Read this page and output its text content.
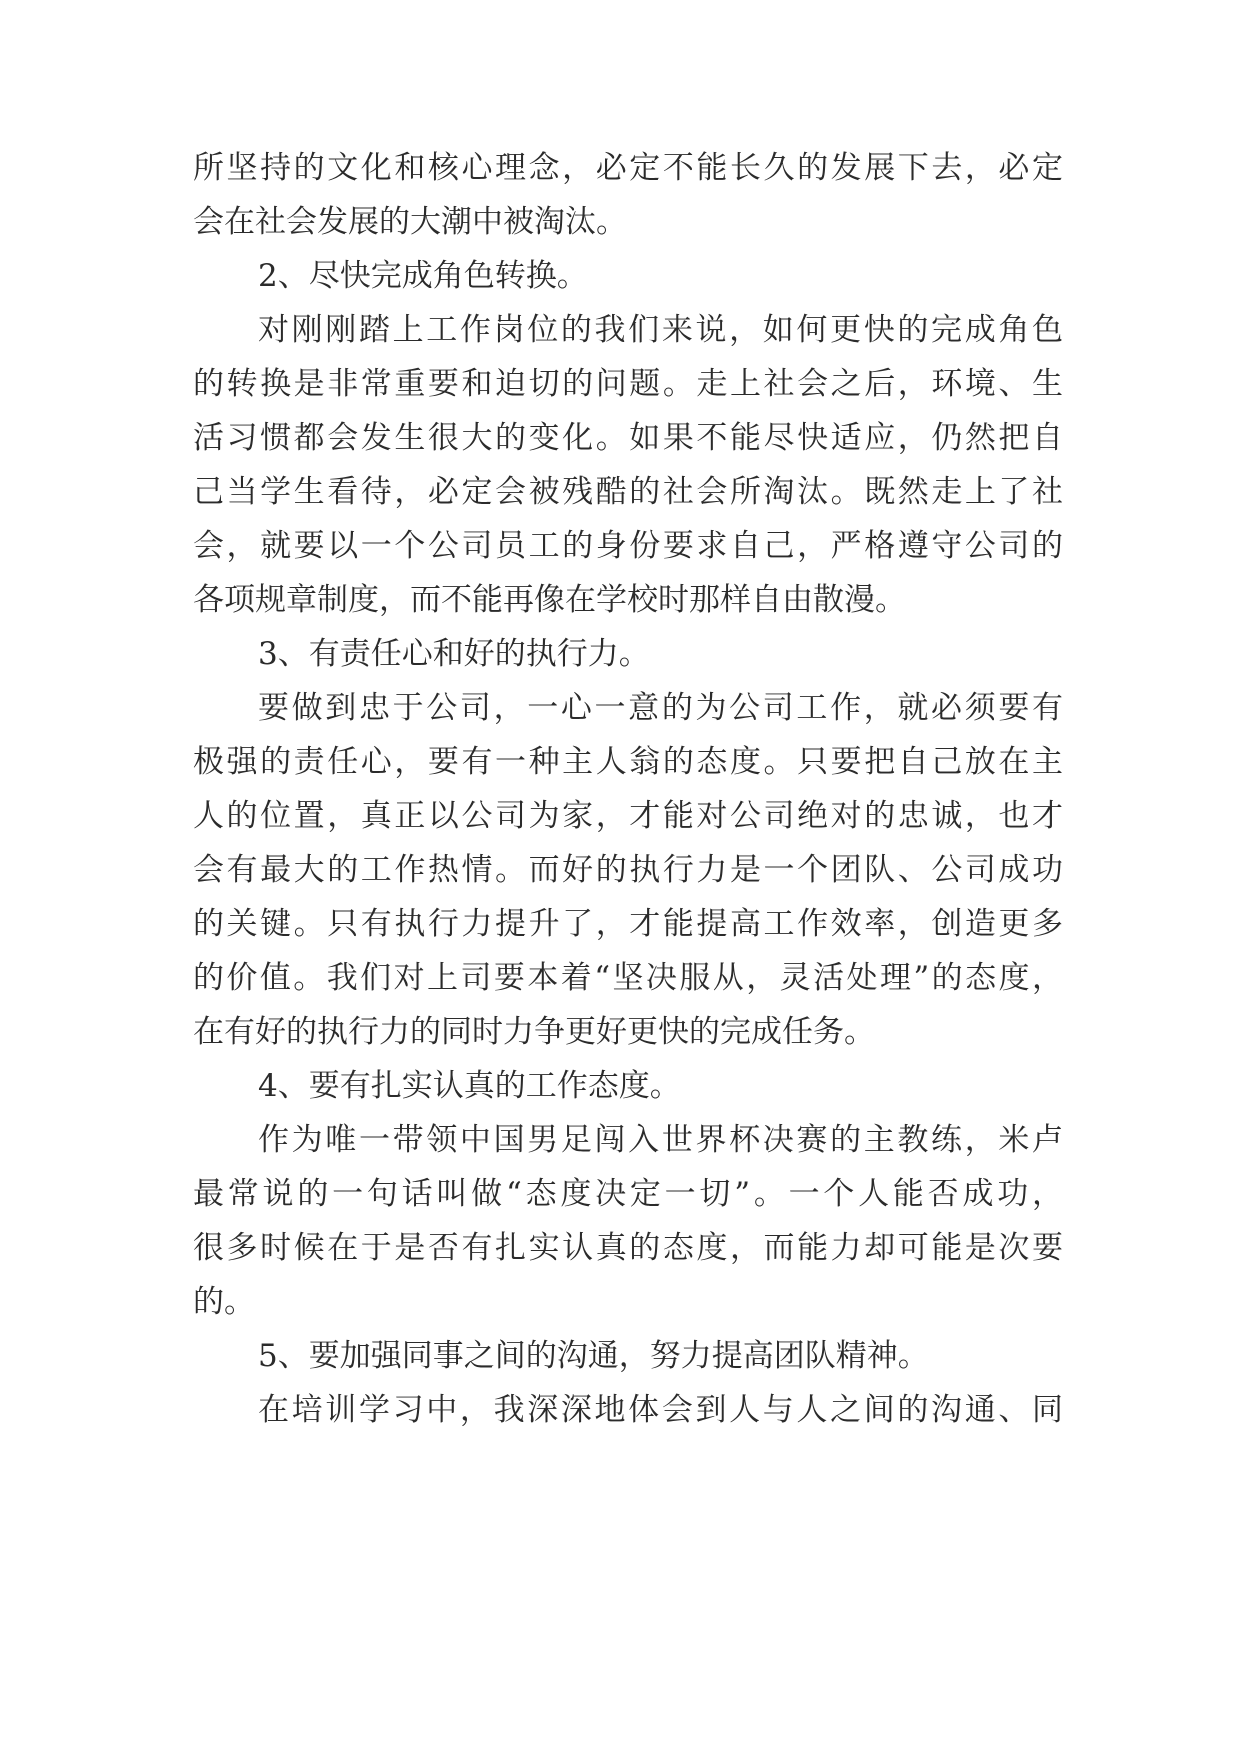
所坚持的文化和核心理念，必定不能长久的发展下去，必定
会在社会发展的大潮中被淘汰。
2、尽快完成角色转换。
对刚刚踏上工作岗位的我们来说，如何更快的完成角色
的转换是非常重要和迫切的问题。走上社会之后，环境、生
活习惯都会发生很大的变化。如果不能尽快适应，仍然把自
己当学生看待，必定会被残酷的社会所淘汰。既然走上了社
会，就要以一个公司员工的身份要求自己，严格遵守公司的
各项规章制度，而不能再像在学校时那样自由散漫。
3、有责任心和好的执行力。
要做到忠于公司，一心一意的为公司工作，就必须要有
极强的责任心，要有一种主人翁的态度。只要把自己放在主
人的位置，真正以公司为家，才能对公司绝对的忠诚，也才
会有最大的工作热情。而好的执行力是一个团队、公司成功
的关键。只有执行力提升了，才能提高工作效率，创造更多
的价值。我们对上司要本着“坚决服从，灵活处理”的态度，
在有好的执行力的同时力争更好更快的完成任务。
4、要有扎实认真的工作态度。
作为唯一带领中国男足闯入世界杯决赛的主教练，米卢
最常说的一句话叫做“态度决定一切”。一个人能否成功，
很多时候在于是否有扎实认真的态度，而能力却可能是次要
的。
5、要加强同事之间的沟通，努力提高团队精神。
在培训学习中，我深深地体会到人与人之间的沟通、同
